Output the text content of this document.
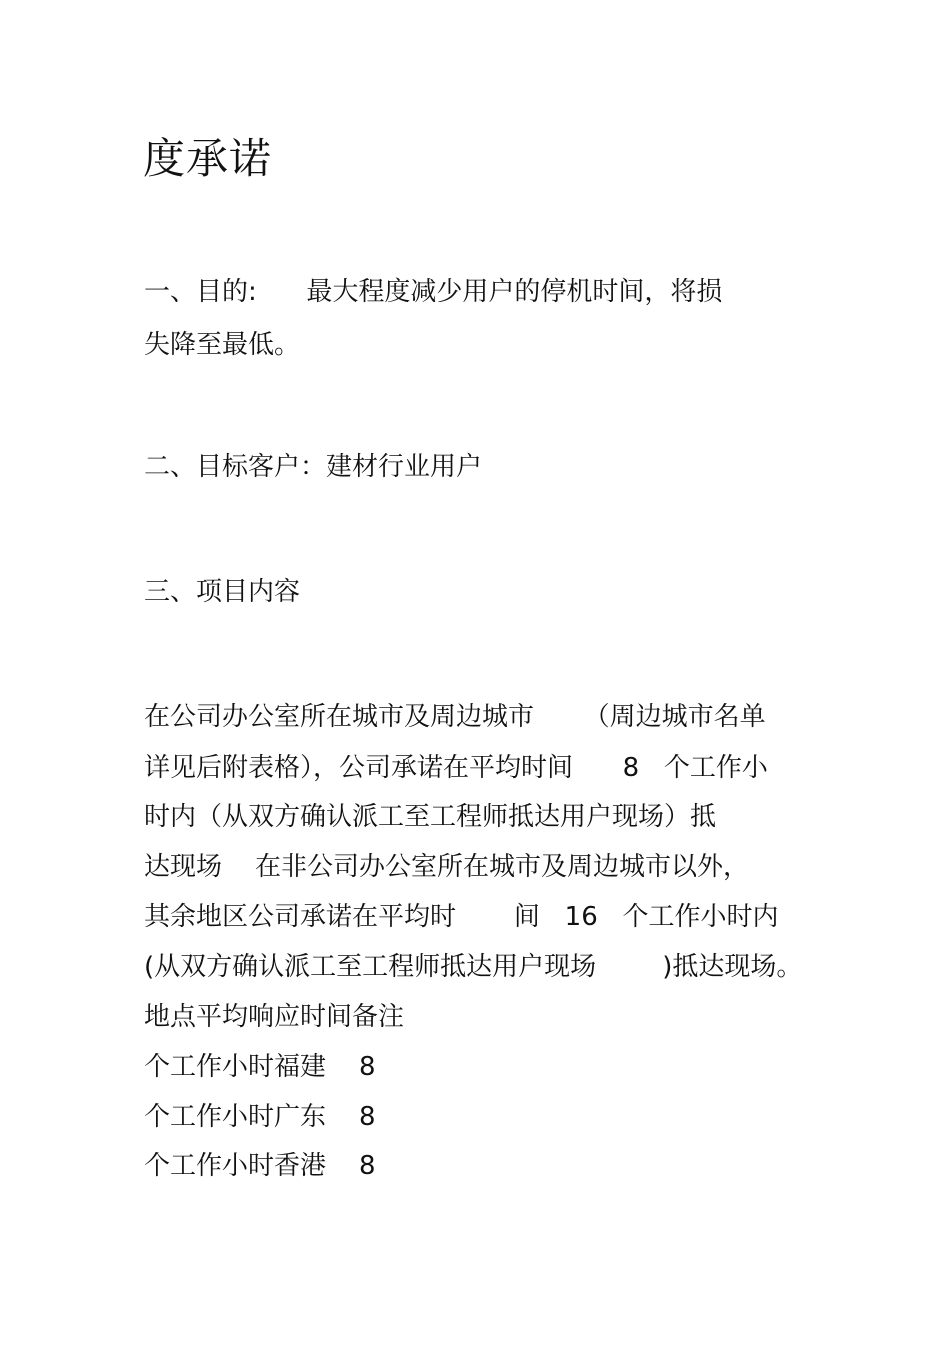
度承诺
一、目的:      最大程度减少用户的停机时间，将损
失降至最低。
二、目标客户：建材行业用户
三、项目内容
在公司办公室所在城市及周边城市      （周边城市名单
详见后附表格），公司承诺在平均时间      8   个工作小
时内（从双方确认派工至工程师抵达用户现场）抵
达现场    在非公司办公室所在城市及周边城市以外，
其余地区公司承诺在平均时       间   16   个工作小时内
(从双方确认派工至工程师抵达用户现场        )抵达现场。
地点平均响应时间备注
个工作小时福建    8
个工作小时广东    8
个工作小时香港    8
